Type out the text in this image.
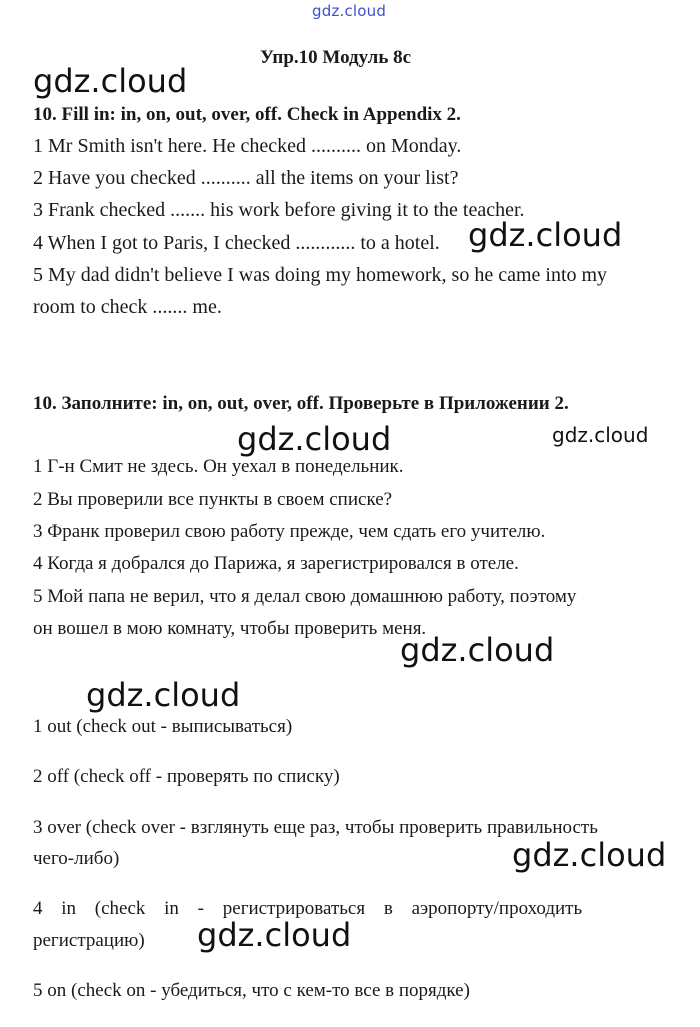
gdz.cloud
gdz.cloud
gdz.cloud
gdz.cloud	gdz.cloud
gdz.cloud
gdz.cloud
gdz.cloud
gdz.cloud
Упр.10 Модуль 8с
10. Fill in: in, on, out, over, off. Check in Appendix 2.
1 Mr Smith isn't here. He checked .......... on Monday.
2 Have you checked .......... all the items on your list?
3 Frank checked ....... his work before giving it to the teacher.
4 When I got to Paris, I checked ............ to a hotel.
5 My dad didn't believe I was doing my homework, so he came into my
room to check ....... me.
10. Заполните: in, on, out, over, off. Проверьте в Приложении 2.
1 Г-н Смит не здесь. Он уехал в понедельник.
2 Вы проверили все пункты в своем списке?
3 Франк проверил свою работу прежде, чем сдать его учителю.
4 Когда я добрался до Парижа, я зарегистрировался в отеле.
5 Мой папа не верил, что я делал свою домашнюю работу, поэтому
он вошел в мою комнату, чтобы проверить меня.
1 out (check out - выписываться)
2 off (check off - проверять по списку)
3 over (check over - взглянуть еще раз, чтобы проверить правильность
чего-либо)
4 in (check in - регистрироваться в аэропорту/проходить
регистрацию)
5 on (check on - убедиться, что с кем-то все в порядке)
